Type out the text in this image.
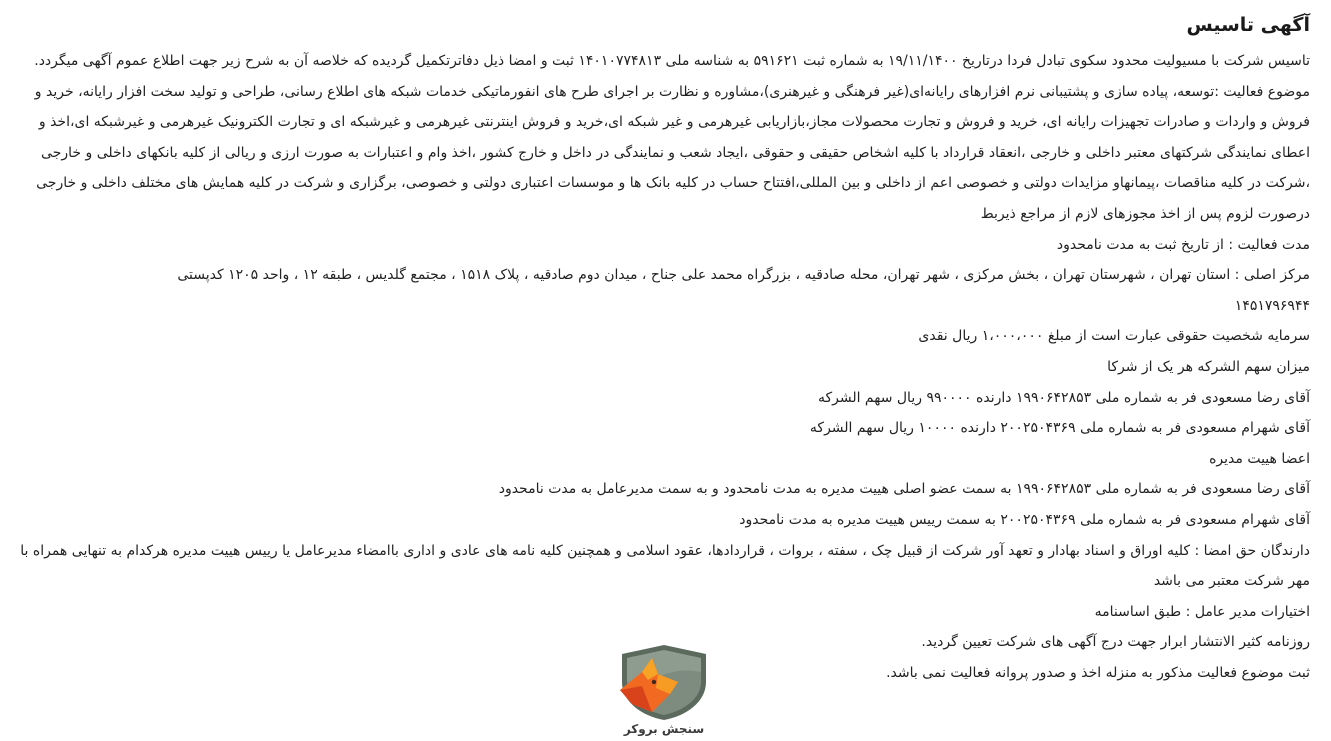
آگهی تاسیس

تاسیس شرکت با مسیولیت محدود سکوی تبادل فردا درتاریخ ۱۹/۱۱/۱۴۰۰ به شماره ثبت ۵۹۱۶۲۱ به شناسه ملی ۱۴۰۱۰۷۷۴۸۱۳ ثبت و امضا ذیل دفاترتکمیل گردیده که خلاصه آن به شرح زیر جهت اطلاع عموم آگهی میگردد.

موضوع فعالیت :توسعه، پیاده سازی و پشتیبانی نرم افزارهای رایانه‌ای(غیر فرهنگی و غیرهنری)،مشاوره و نظارت بر اجرای طرح های انفورماتیکی خدمات شبکه های اطلاع رسانی، طراحی و تولید سخت افزار رایانه، خرید و فروش و واردات و صادرات تجهیزات رایانه ای، خرید و فروش و تجارت محصولات مجاز،بازاریابی غیرهرمی و غیر شبکه ای،خرید و فروش اینترنتی غیرهرمی و غیرشبکه ای و تجارت الکترونیک غیرهرمی و غیرشبکه ای،اخذ و اعطای نمایندگی شرکتهای معتبر داخلی و خارجی ،انعقاد قرارداد با کلیه اشخاص حقیقی و حقوقی ،ایجاد شعب و نمایندگی در داخل و خارج کشور ،اخذ وام و اعتبارات به صورت ارزی و ریالی از کلیه بانکهای داخلی و خارجی ،شرکت در کلیه مناقصات ،پیمانهاو مزایدات دولتی و خصوصی اعم از داخلی و بین المللی،افتتاح حساب در کلیه بانک ها و موسسات اعتباری دولتی و خصوصی، برگزاری و شرکت در کلیه همایش های مختلف داخلی و خارجی درصورت لزوم پس از اخذ مجوزهای لازم از مراجع ذیربط

مدت فعالیت : از تاریخ ثبت به مدت نامحدود

مرکز اصلی : استان تهران ، شهرستان تهران ، بخش مرکزی ، شهر تهران، محله صادقیه ، بزرگراه محمد علی جناح ، میدان دوم صادقیه ، پلاک ۱۵۱۸ ، مجتمع گلدیس ، طبقه ۱۲ ، واحد ۱۲۰۵ کدپستی

۱۴۵۱۷۹۶۹۴۴

سرمایه شخصیت حقوقی عبارت است از مبلغ ۱،۰۰۰،۰۰۰ ریال نقدی

میزان سهم الشرکه هر یک از شرکا

آقای رضا مسعودی فر به شماره ملی ۱۹۹۰۶۴۲۸۵۳ دارنده ۹۹۰۰۰۰ ریال سهم الشرکه

آقای شهرام مسعودی فر به شماره ملی ۲۰۰۲۵۰۴۳۶۹ دارنده ۱۰۰۰۰ ریال سهم الشرکه

اعضا هییت مدیره

آقای رضا مسعودی فر به شماره ملی ۱۹۹۰۶۴۲۸۵۳ به سمت عضو اصلی هییت مدیره به مدت نامحدود و به سمت مدیرعامل به مدت نامحدود

آقای شهرام مسعودی فر به شماره ملی ۲۰۰۲۵۰۴۳۶۹ به سمت رییس هییت مدیره به مدت نامحدود

دارندگان حق امضا : کلیه اوراق و اسناد بهادار و تعهد آور شرکت از قبیل چک ، سفته ، بروات ، قراردادها، عقود اسلامی و همچنین کلیه نامه های عادی و اداری باامضاء مدیرعامل یا رییس هییت مدیره هرکدام به تنهایی همراه با مهر شرکت معتبر می باشد

اختیارات مدیر عامل : طبق اساسنامه

روزنامه کثیر الانتشار ابرار جهت درج آگهی های شرکت تعیین گردید.

ثبت موضوع فعالیت مذکور به منزله اخذ و صدور پروانه فعالیت نمی باشد.

سنجش بروکر
